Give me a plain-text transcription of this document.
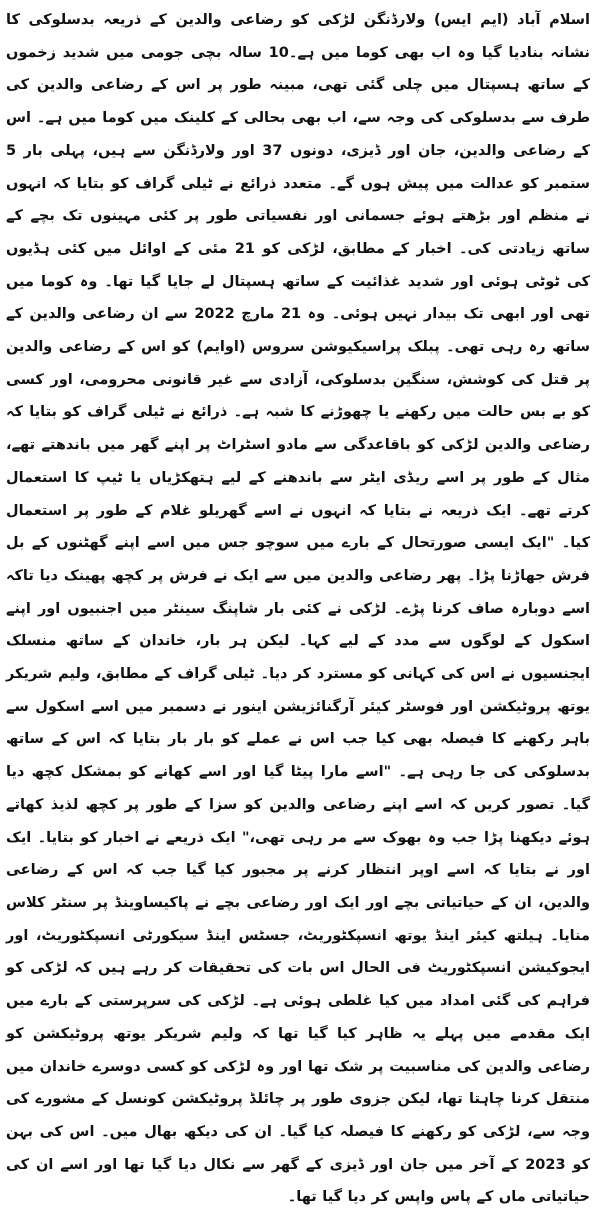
اسلام آباد (ایم ایس) ولارڈنگن لڑکی کو رضاعی والدین کے ذریعہ بدسلوکی کا نشانہ بنادیا گیا وہ اب بھی کوما میں ہے۔10 سالہ بچی جومی میں شدید زخموں کے ساتھ ہسپتال میں چلی گئی تھی، مبینہ طور پر اس کے رضاعی والدین کی طرف سے بدسلوکی کی وجہ سے، اب بھی بحالی کے کلینک میں کوما میں ہے۔ اس کے رضاعی والدین، جان اور ڈیزی، دونوں 37 اور ولارڈنگن سے ہیں، پہلی بار 5 ستمبر کو عدالت میں پیش ہوں گے۔ متعدد ذرائع نے ٹیلی گراف کو بتایا کہ انہوں نے منظم اور بڑھتے ہوئے جسمانی اور نفسیاتی طور پر کئی مہینوں تک بچے کے ساتھ زیادتی کی۔ اخبار کے مطابق، لڑکی کو 21 مئی کے اوائل میں کئی ہڈیوں کی ٹوٹی ہوئی اور شدید غذائیت کے ساتھ ہسپتال لے جایا گیا تھا۔ وہ کوما میں تھی اور ابھی تک بیدار نہیں ہوئی۔ وہ 21 مارچ 2022 سے ان رضاعی والدین کے ساتھ رہ رہی تھی۔ پبلک پراسیکیوشن سروس (اوایم) کو اس کے رضاعی والدین پر قتل کی کوشش، سنگین بدسلوکی، آزادی سے غیر قانونی محرومی، اور کسی کو بے بس حالت میں رکھنے یا چھوڑنے کا شبہ ہے۔ ذرائع نے ٹیلی گراف کو بتایا کہ رضاعی والدین لڑکی کو باقاعدگی سے مادو اسٹراٹ پر اپنے گھر میں باندھتے تھے، مثال کے طور پر اسے ریڈی ایٹر سے باندھنے کے لیے ہتھکڑیاں یا ٹیپ کا استعمال کرتے تھے۔ ایک ذریعہ نے بتایا کہ انہوں نے اسے گھریلو غلام کے طور پر استعمال کیا۔ "ایک ایسی صورتحال کے بارے میں سوچو جس میں اسے اپنے گھٹنوں کے بل فرش جھاڑنا پڑا۔ پھر رضاعی والدین میں سے ایک نے فرش پر کچھ پھینک دیا تاکہ اسے دوبارہ صاف کرنا پڑے۔ لڑکی نے کئی بار شاپنگ سینٹر میں اجنبیوں اور اپنے اسکول کے لوگوں سے مدد کے لیے کہا۔ لیکن ہر بار، خاندان کے ساتھ منسلک ایجنسیوں نے اس کی کہانی کو مسترد کر دیا۔ ٹیلی گراف کے مطابق، ولیم شریکر یوتھ پروٹیکشن اور فوسٹر کیئر آرگنائزیشن اینور نے دسمبر میں اسے اسکول سے باہر رکھنے کا فیصلہ بھی کیا جب اس نے عملے کو بار بار بتایا کہ اس کے ساتھ بدسلوکی کی جا رہی ہے۔ "اسے مارا پیٹا گیا اور اسے کھانے کو بمشکل کچھ دیا گیا۔ تصور کریں کہ اسے اپنے رضاعی والدین کو سزا کے طور پر کچھ لذیذ کھاتے ہوئے دیکھنا پڑا جب وہ بھوک سے مر رہی تھی،" ایک ذریعے نے اخبار کو بتایا۔ ایک اور نے بتایا کہ اسے اوپر انتظار کرنے پر مجبور کیا گیا جب کہ اس کے رضاعی والدین، ان کے حیاتیاتی بچے اور ایک اور رضاعی بچے نے پاکیساوینڈ پر سنٹر کلاس منایا۔ ہیلتھ کیئر اینڈ یوتھ انسپکٹوریٹ، جسٹس اینڈ سیکورٹی انسپکٹوریٹ، اور ایجوکیشن انسپکٹوریٹ فی الحال اس بات کی تحقیقات کر رہے ہیں کہ لڑکی کو فراہم کی گئی امداد میں کیا غلطی ہوئی ہے۔ لڑکی کی سرپرستی کے بارے میں ایک مقدمے میں پہلے یہ ظاہر کیا گیا تھا کہ ولیم شریکر یوتھ پروٹیکشن کو رضاعی والدین کی مناسبیت پر شک تھا اور وہ لڑکی کو کسی دوسرے خاندان میں منتقل کرنا چاہتا تھا، لیکن جزوی طور پر چائلڈ پروٹیکشن کونسل کے مشورے کی وجہ سے، لڑکی کو رکھنے کا فیصلہ کیا گیا۔ ان کی دیکھ بھال میں۔ اس کی بہن کو 2023 کے آخر میں جان اور ڈیزی کے گھر سے نکال دیا گیا تھا اور اسے ان کی حیاتیاتی ماں کے پاس واپس کر دیا گیا تھا۔
